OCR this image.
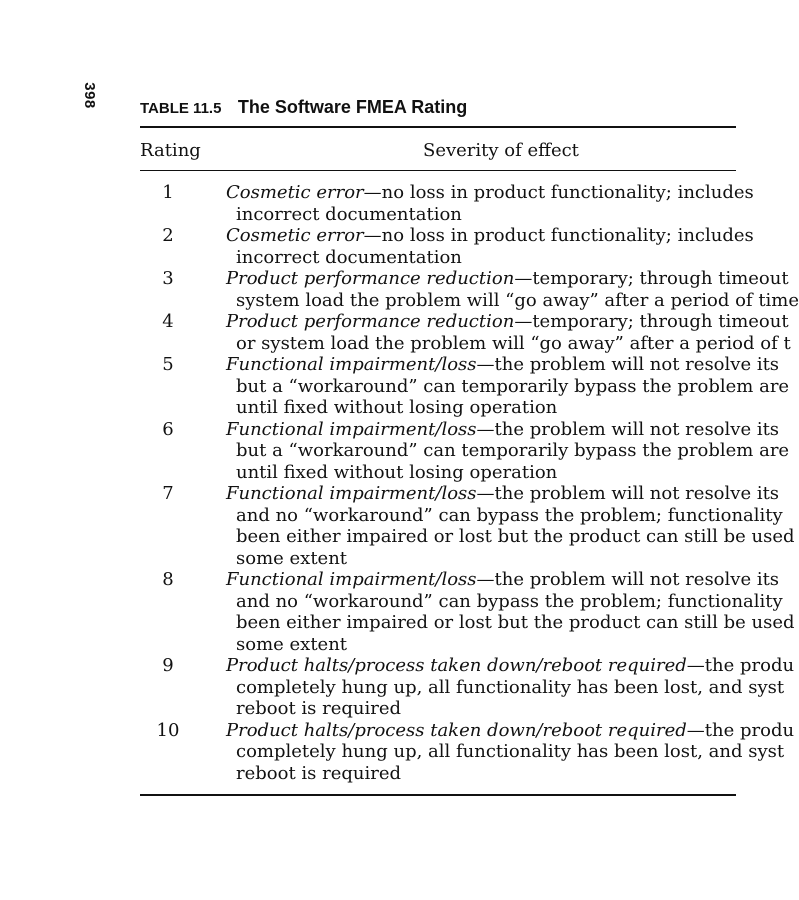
398	TABLE 11.5 The Software FMEA Rating
Rating	Severity of effect
1	Cosmetic error—no loss in product functionality; includes
incorrect documentation
2	Cosmetic error—no loss in product functionality; includes
incorrect documentation
3	Product performance reduction—temporary; through timeout
system load the problem will “go away” after a period of time
4	Product performance reduction—temporary; through timeout
or system load the problem will “go away” after a period of t
5	Functional impairment/loss—the problem will not resolve its
but a “workaround” can temporarily bypass the problem are
until fixed without losing operation
6	Functional impairment/loss—the problem will not resolve its
but a “workaround” can temporarily bypass the problem are
until fixed without losing operation
7	Functional impairment/loss—the problem will not resolve its
and no “workaround” can bypass the problem; functionality
been either impaired or lost but the product can still be used
some extent
8	Functional impairment/loss—the problem will not resolve its
and no “workaround” can bypass the problem; functionality
been either impaired or lost but the product can still be used
some extent
9	Product halts/process taken down/reboot required—the produ
completely hung up, all functionality has been lost, and syst
reboot is required
10	Product halts/process taken down/reboot required—the produ
completely hung up, all functionality has been lost, and syst
reboot is required
